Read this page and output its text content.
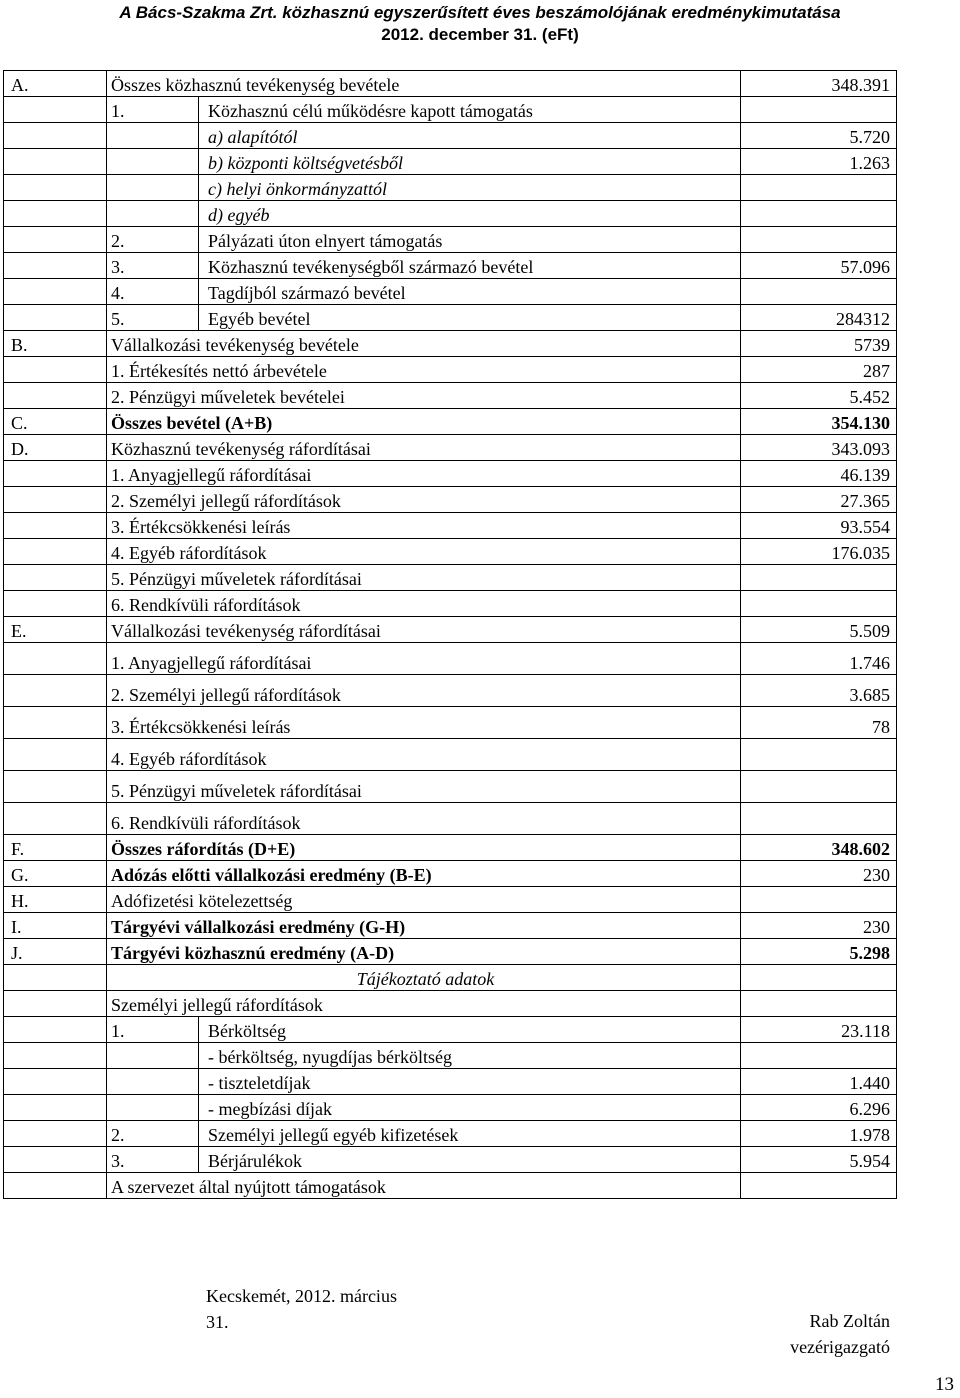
A Bács-Szakma Zrt. közhasznú egyszerűsített éves beszámolójának eredménykimutatása
2012. december 31. (eFt)
A.	Összes közhasznú tevékenység bevétele		348.391
	1.	Közhasznú célú működésre kapott támogatás	
		a) alapítótól	5.720
		b) központi költségvetésből	1.263
		c) helyi önkormányzattól	
		d) egyéb	
	2.	Pályázati úton elnyert támogatás	
	3.	Közhasznú tevékenységből származó bevétel	57.096
	4.	Tagdíjból származó bevétel	
	5.	Egyéb bevétel	284312
B.	Vállalkozási tevékenység bevétele		5739
	1. Értékesítés nettó árbevétele		287
	2. Pénzügyi műveletek bevételei		5.452
C.	Összes bevétel (A+B)		354.130
D.	Közhasznú tevékenység ráfordításai		343.093
	1. Anyagjellegű ráfordításai		46.139
	2. Személyi jellegű ráfordítások		27.365
	3. Értékcsökkenési leírás		93.554
	4. Egyéb ráfordítások		176.035
	5. Pénzügyi műveletek ráfordításai		
	6. Rendkívüli ráfordítások		
E.	Vállalkozási tevékenység ráfordításai		5.509
	1. Anyagjellegű ráfordításai		1.746
	2. Személyi jellegű ráfordítások		3.685
	3. Értékcsökkenési leírás		78
	4. Egyéb ráfordítások		
	5. Pénzügyi műveletek ráfordításai		
	6. Rendkívüli ráfordítások		
F.	Összes ráfordítás (D+E)		348.602
G.	Adózás előtti vállalkozási eredmény (B-E)		230
H.	Adófizetési kötelezettség		
I.	Tárgyévi vállalkozási eredmény (G-H)		230
J.	Tárgyévi közhasznú eredmény (A-D)		5.298
	Tájékoztató adatok		
	Személyi jellegű ráfordítások		
	1.	Bérköltség	23.118
		- bérköltség, nyugdíjas bérköltség	
		- tiszteletdíjak	1.440
		- megbízási díjak	6.296
	2.	Személyi jellegű egyéb kifizetések	1.978
	3.	Bérjárulékok	5.954
	A szervezet által nyújtott támogatások		
Kecskemét, 2012. március
31.	Rab Zoltán
vezérigazgató
13
